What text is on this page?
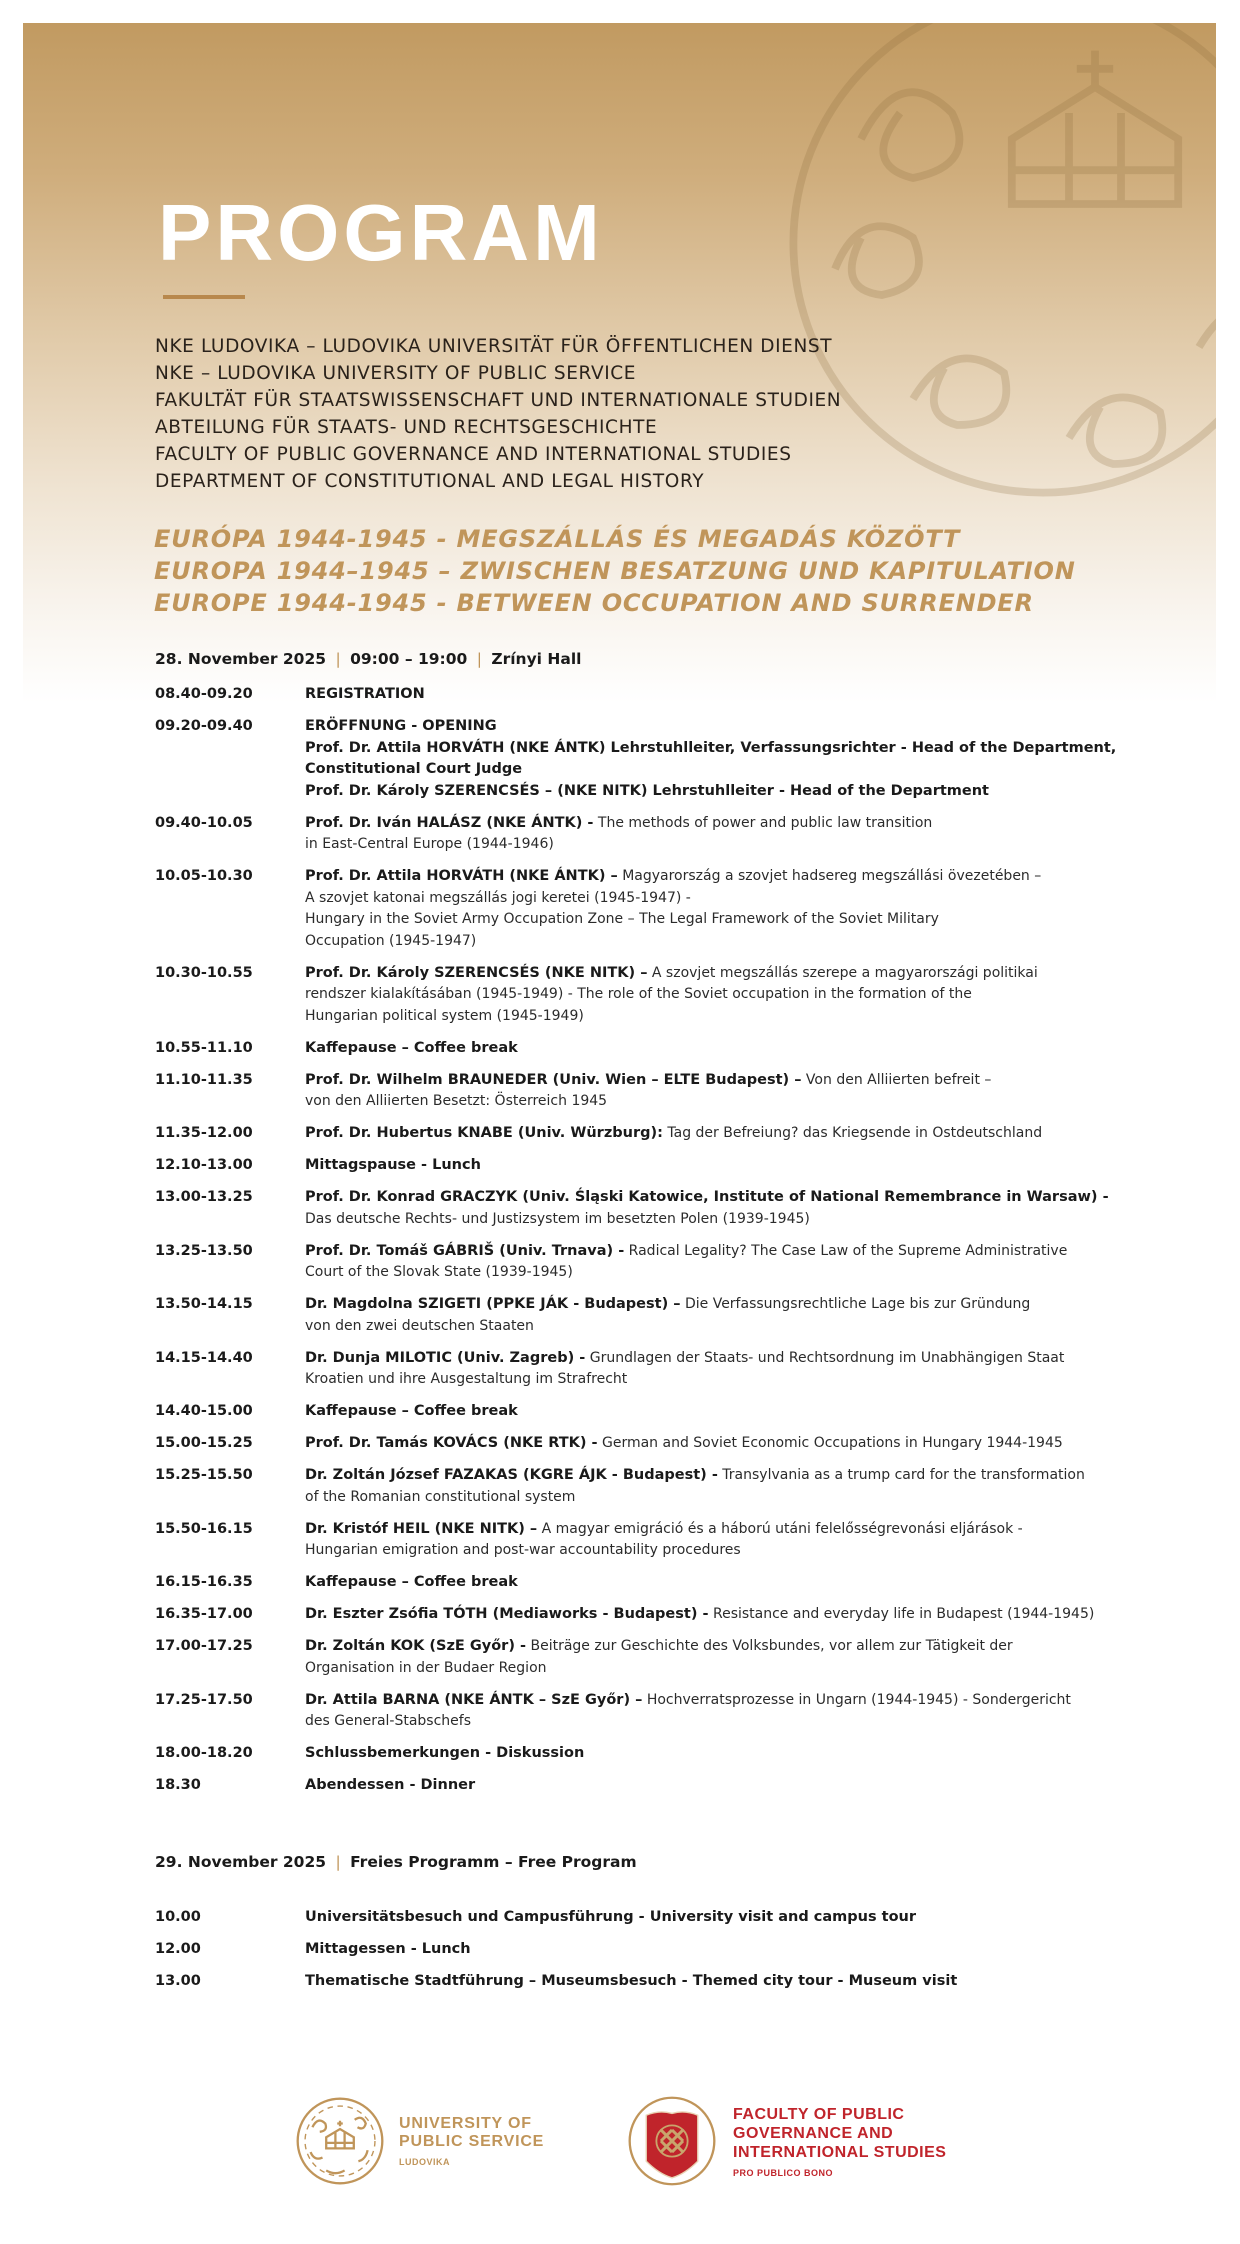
PROGRAM
NKE LUDOVIKA – LUDOVIKA UNIVERSITÄT FÜR ÖFFENTLICHEN DIENST
NKE – LUDOVIKA UNIVERSITY OF PUBLIC SERVICE
FAKULTÄT FÜR STAATSWISSENSCHAFT UND INTERNATIONALE STUDIEN
ABTEILUNG FÜR STAATS- UND RECHTSGESCHICHTE
FACULTY OF PUBLIC GOVERNANCE AND INTERNATIONAL STUDIES
DEPARTMENT OF CONSTITUTIONAL AND LEGAL HISTORY
EURÓPA 1944-1945 - MEGSZÁLLÁS ÉS MEGADÁS KÖZÖTT
EUROPA 1944–1945 – ZWISCHEN BESATZUNG UND KAPITULATION
EUROPE 1944-1945 - BETWEEN OCCUPATION AND SURRENDER
28. November 2025 | 09:00 – 19:00 | Zrínyi Hall
08.40-09.20	REGISTRATION
09.20-09.40	ERÖFFNUNG - OPENING
Prof. Dr. Attila HORVÁTH (NKE ÁNTK) Lehrstuhlleiter, Verfassungsrichter - Head of the Department, Constitutional Court Judge
Prof. Dr. Károly SZERENCSÉS – (NKE NITK) Lehrstuhlleiter - Head of the Department
09.40-10.05	Prof. Dr. Iván HALÁSZ (NKE ÁNTK) - The methods of power and public law transition
in East-Central Europe (1944-1946)
10.05-10.30	Prof. Dr. Attila HORVÁTH (NKE ÁNTK) – Magyarország a szovjet hadsereg megszállási övezetében –
A szovjet katonai megszállás jogi keretei (1945-1947) -
Hungary in the Soviet Army Occupation Zone – The Legal Framework of the Soviet Military
Occupation (1945-1947)
10.30-10.55	Prof. Dr. Károly SZERENCSÉS (NKE NITK) – A szovjet megszállás szerepe a magyarországi politikai
rendszer kialakításában (1945-1949) - The role of the Soviet occupation in the formation of the
Hungarian political system (1945-1949)
10.55-11.10	Kaffepause – Coffee break
11.10-11.35	Prof. Dr. Wilhelm BRAUNEDER (Univ. Wien – ELTE Budapest) – Von den Alliierten befreit –
von den Alliierten Besetzt: Österreich 1945
11.35-12.00	Prof. Dr. Hubertus KNABE (Univ. Würzburg): Tag der Befreiung? das Kriegsende in Ostdeutschland
12.10-13.00	Mittagspause - Lunch
13.00-13.25	Prof. Dr. Konrad GRACZYK (Univ. Śląski Katowice, Institute of National Remembrance in Warsaw) -
Das deutsche Rechts- und Justizsystem im besetzten Polen (1939-1945)
13.25-13.50	Prof. Dr. Tomáš GÁBRIŠ (Univ. Trnava) - Radical Legality? The Case Law of the Supreme Administrative
Court of the Slovak State (1939-1945)
13.50-14.15	Dr. Magdolna SZIGETI (PPKE JÁK - Budapest) – Die Verfassungsrechtliche Lage bis zur Gründung
von den zwei deutschen Staaten
14.15-14.40	Dr. Dunja MILOTIC (Univ. Zagreb) - Grundlagen der Staats- und Rechtsordnung im Unabhängigen Staat
Kroatien und ihre Ausgestaltung im Strafrecht
14.40-15.00	Kaffepause – Coffee break
15.00-15.25	Prof. Dr. Tamás KOVÁCS (NKE RTK) - German and Soviet Economic Occupations in Hungary 1944-1945
15.25-15.50	Dr. Zoltán József FAZAKAS (KGRE ÁJK - Budapest) - Transylvania as a trump card for the transformation
of the Romanian constitutional system
15.50-16.15	Dr. Kristóf HEIL (NKE NITK) – A magyar emigráció és a háború utáni felelősségrevonási eljárások -
Hungarian emigration and post-war accountability procedures
16.15-16.35	Kaffepause – Coffee break
16.35-17.00	Dr. Eszter Zsófia TÓTH (Mediaworks - Budapest) - Resistance and everyday life in Budapest (1944-1945)
17.00-17.25	Dr. Zoltán KOK (SzE Győr) - Beiträge zur Geschichte des Volksbundes, vor allem zur Tätigkeit der
Organisation in der Budaer Region
17.25-17.50	Dr. Attila BARNA (NKE ÁNTK – SzE Győr) – Hochverratsprozesse in Ungarn (1944-1945) - Sondergericht
des General-Stabschefs
18.00-18.20	Schlussbemerkungen - Diskussion
18.30	Abendessen - Dinner
29. November 2025 | Freies Programm – Free Program
10.00	Universitätsbesuch und Campusführung - University visit and campus tour
12.00	Mittagessen - Lunch
13.00	Thematische Stadtführung – Museumsbesuch - Themed city tour - Museum visit
UNIVERSITY OF
PUBLIC SERVICE
LUDOVIKA
FACULTY OF PUBLIC
GOVERNANCE AND
INTERNATIONAL STUDIES
PRO PUBLICO BONO
